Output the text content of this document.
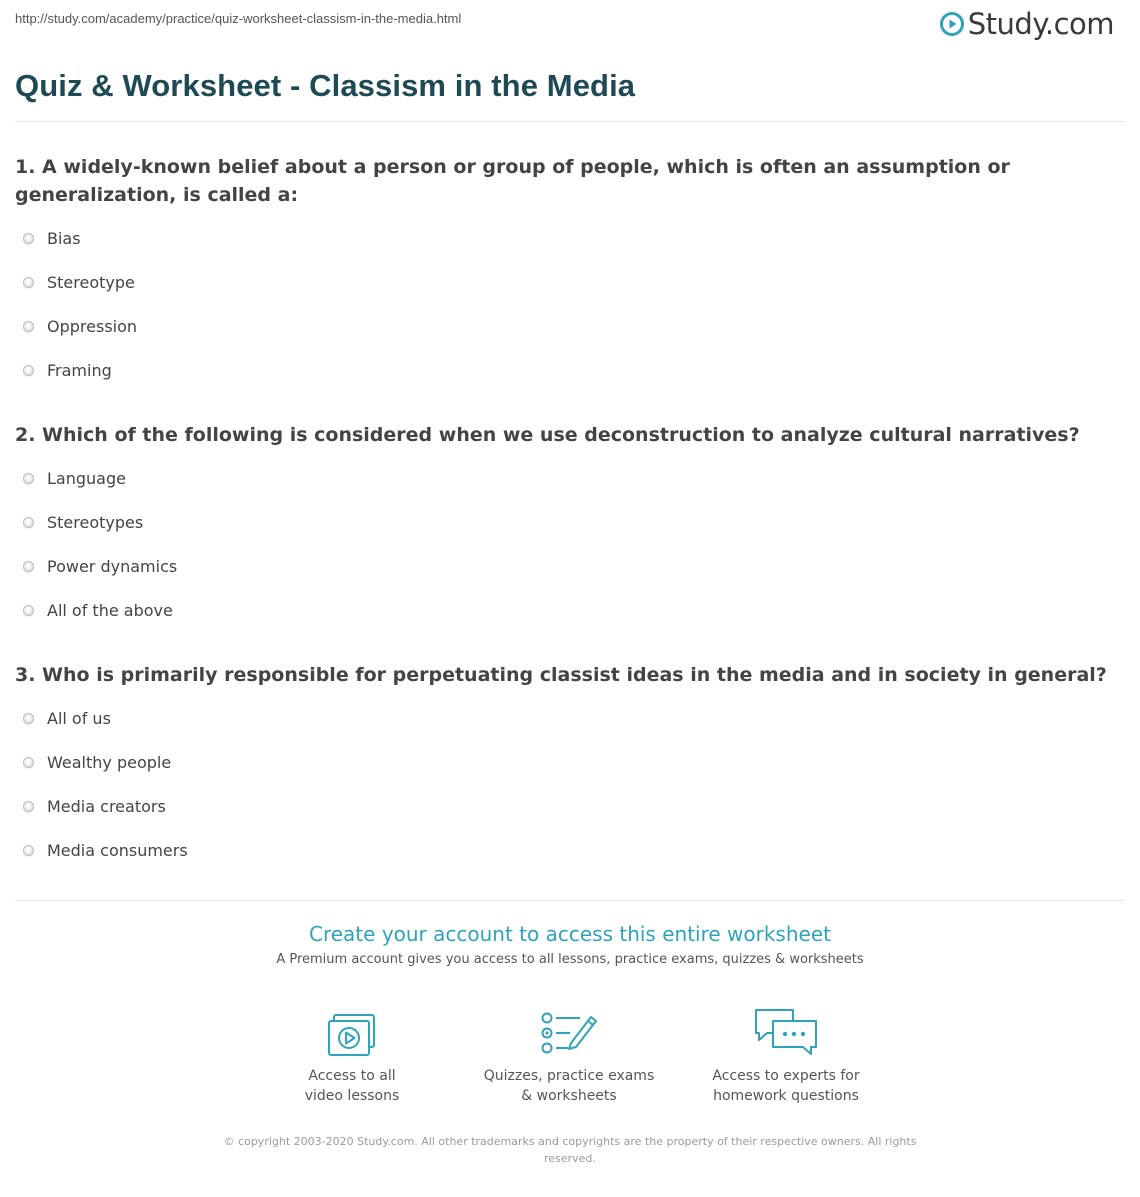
http://study.com/academy/practice/quiz-worksheet-classism-in-the-media.html	Study.com
Quiz & Worksheet - Classism in the Media
1. A widely-known belief about a person or group of people, which is often an assumption or generalization, is called a:
Bias
Stereotype
Oppression
Framing
2. Which of the following is considered when we use deconstruction to analyze cultural narratives?
Language
Stereotypes
Power dynamics
All of the above
3. Who is primarily responsible for perpetuating classist ideas in the media and in society in general?
All of us
Wealthy people
Media creators
Media consumers
Create your account to access this entire worksheet
A Premium account gives you access to all lessons, practice exams, quizzes & worksheets
Access to all
video lessons
Quizzes, practice exams
& worksheets
Access to experts for
homework questions
© copyright 2003-2020 Study.com. All other trademarks and copyrights are the property of their respective owners. All rights
reserved.
